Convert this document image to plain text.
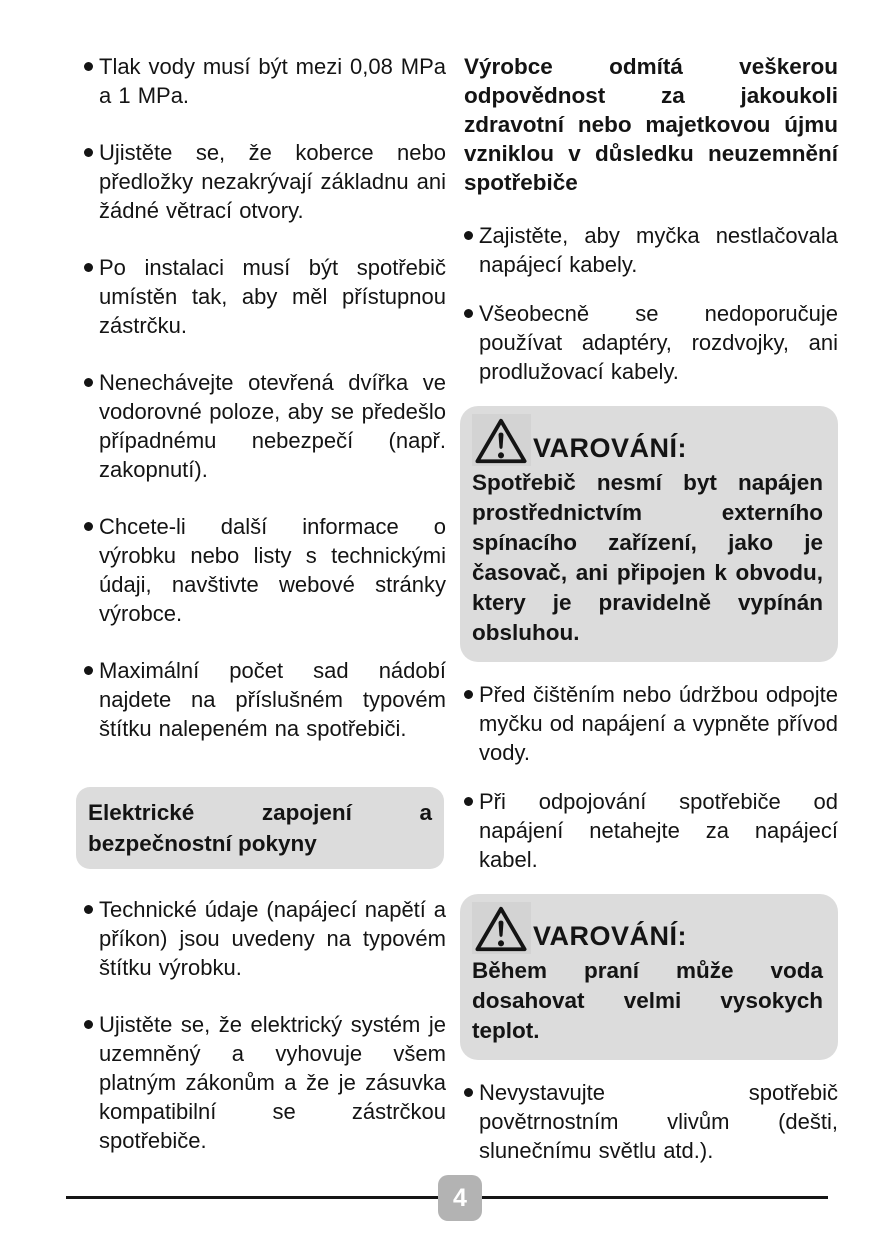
Tlak vody musí být mezi 0,08 MPa a 1 MPa.
Ujistěte se, že koberce nebo předložky nezakrývají základnu ani žádné větrací otvory.
Po instalaci musí být spotřebič umístěn tak, aby měl přístupnou zástrčku.
Nenechávejte otevřená dvířka ve vodorovné poloze, aby se předešlo případnému nebezpečí (např. zakopnutí).
Chcete-li další informace o výrobku nebo listy s technickými údaji, navštivte webové stránky výrobce.
Maximální počet sad nádobí najdete na příslušném typovém štítku nalepeném na spotřebiči.
Elektrické zapojení a bezpečnostní pokyny
Technické údaje (napájecí napětí a příkon) jsou uvedeny na typovém štítku výrobku.
Ujistěte se, že elektrický systém je uzemněný a vyhovuje všem platným zákonům a že je zásuvka kompatibilní se zástrčkou spotřebiče.

Výrobce odmítá veškerou odpovědnost za jakoukoli zdravotní nebo majetkovou újmu vzniklou v důsledku neuzemnění spotřebiče

Zajistěte, aby myčka nestlačovala napájecí kabely.
Všeobecně se nedoporučuje používat adaptéry, rozdvojky, ani prodlužovací kabely.
VAROVÁNÍ:
Spotřebič nesmí byt napájen prostřednictvím externího spínacího zařízení, jako je časovač, ani připojen k obvodu, ktery je pravidelně vypínán obsluhou.
Před čištěním nebo údržbou odpojte myčku od napájení a vypněte přívod vody.
Při odpojování spotřebiče od napájení netahejte za napájecí kabel.
VAROVÁNÍ:
Během praní může voda dosahovat velmi vysokych teplot.
Nevystavujte spotřebič povětrnostním vlivům (dešti, slunečnímu světlu atd.).
4
